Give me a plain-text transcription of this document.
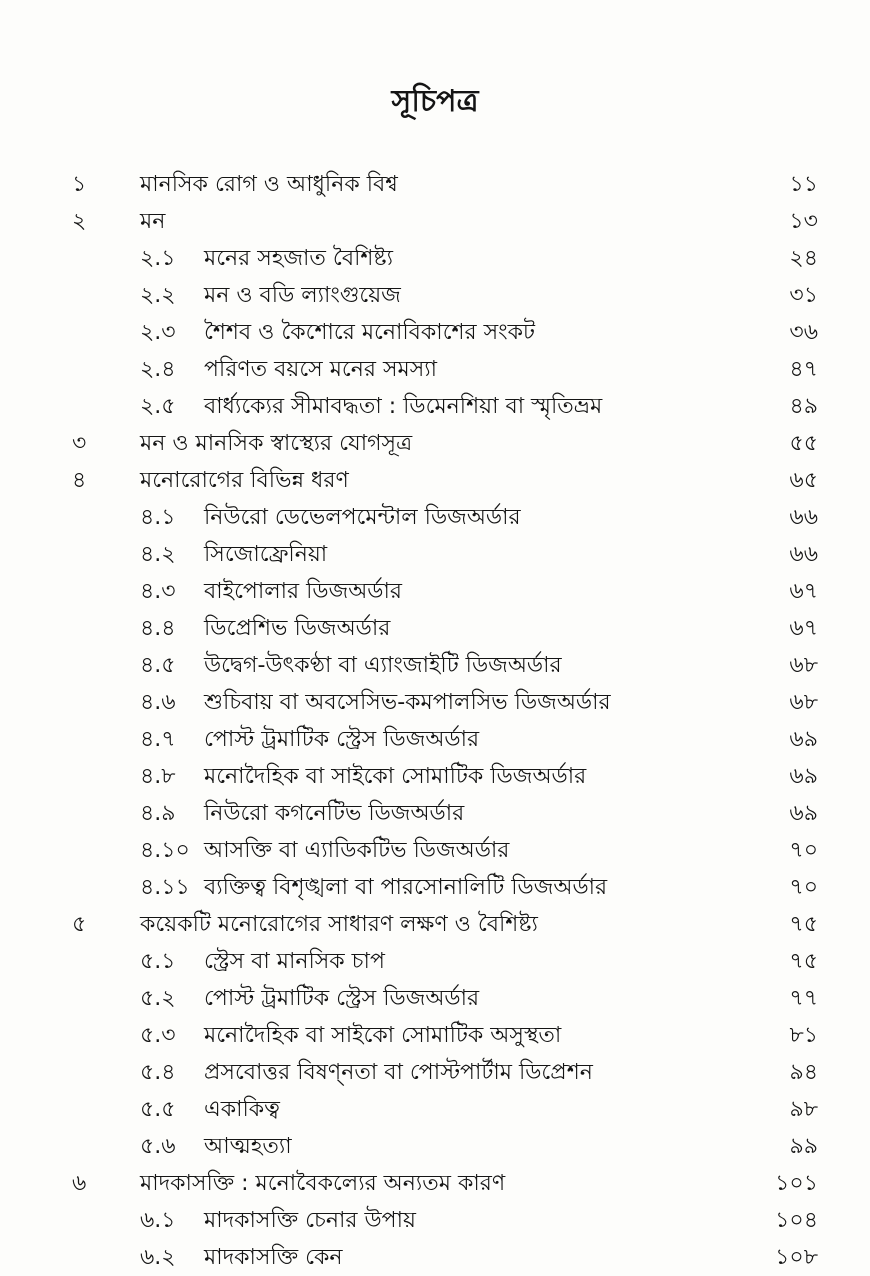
সূচিপত্র
১ মানসিক রোগ ও আধুনিক বিশ্ব	১১
২ মন	১৩
২.১ মনের সহজাত বৈশিষ্ট্য	২৪
২.২ মন ও বডি ল্যাংগুয়েজ	৩১
২.৩ শৈশব ও কৈশোরে মনোবিকাশের সংকট	৩৬
২.৪ পরিণত বয়সে মনের সমস্যা	৪৭
২.৫ বার্ধ্যক্যের সীমাবদ্ধতা : ডিমেনশিয়া বা স্মৃতিভ্রম	৪৯
৩ মন ও মানসিক স্বাস্থ্যের যোগসূত্র	৫৫
৪ মনোরোগের বিভিন্ন ধরণ	৬৫
৪.১ নিউরো ডেভেলপমেন্টাল ডিজঅর্ডার	৬৬
৪.২ সিজোফ্রেনিয়া	৬৬
৪.৩ বাইপোলার ডিজঅর্ডার	৬৭
৪.৪ ডিপ্রেশিভ ডিজঅর্ডার	৬৭
৪.৫ উদ্বেগ-উৎকণ্ঠা বা এ্যাংজাইটি ডিজঅর্ডার	৬৮
৪.৬ শুচিবায় বা অবসেসিভ-কমপালসিভ ডিজঅর্ডার	৬৮
৪.৭ পোস্ট ট্রমাটিক স্ট্রেস ডিজঅর্ডার	৬৯
৪.৮ মনোদৈহিক বা সাইকো সোমাটিক ডিজঅর্ডার	৬৯
৪.৯ নিউরো কগনেটিভ ডিজঅর্ডার	৬৯
৪.১০ আসক্তি বা এ্যাডিকটিভ ডিজঅর্ডার	৭০
৪.১১ ব্যক্তিত্ব বিশৃঙ্খলা বা পারসোনালিটি ডিজঅর্ডার	৭০
৫ কয়েকটি মনোরোগের সাধারণ লক্ষণ ও বৈশিষ্ট্য	৭৫
৫.১ স্ট্রেস বা মানসিক চাপ	৭৫
৫.২ পোস্ট ট্রমাটিক স্ট্রেস ডিজঅর্ডার	৭৭
৫.৩ মনোদৈহিক বা সাইকো সোমাটিক অসুস্থতা	৮১
৫.৪ প্রসবোত্তর বিষণ্নতা বা পোস্টপার্টাম ডিপ্রেশন	৯৪
৫.৫ একাকিত্ব	৯৮
৫.৬ আত্মহত্যা	৯৯
৬ মাদকাসক্তি : মনোবৈকল্যের অন্যতম কারণ	১০১
৬.১ মাদকাসক্তি চেনার উপায়	১০৪
৬.২ মাদকাসক্তি কেন	১০৮
